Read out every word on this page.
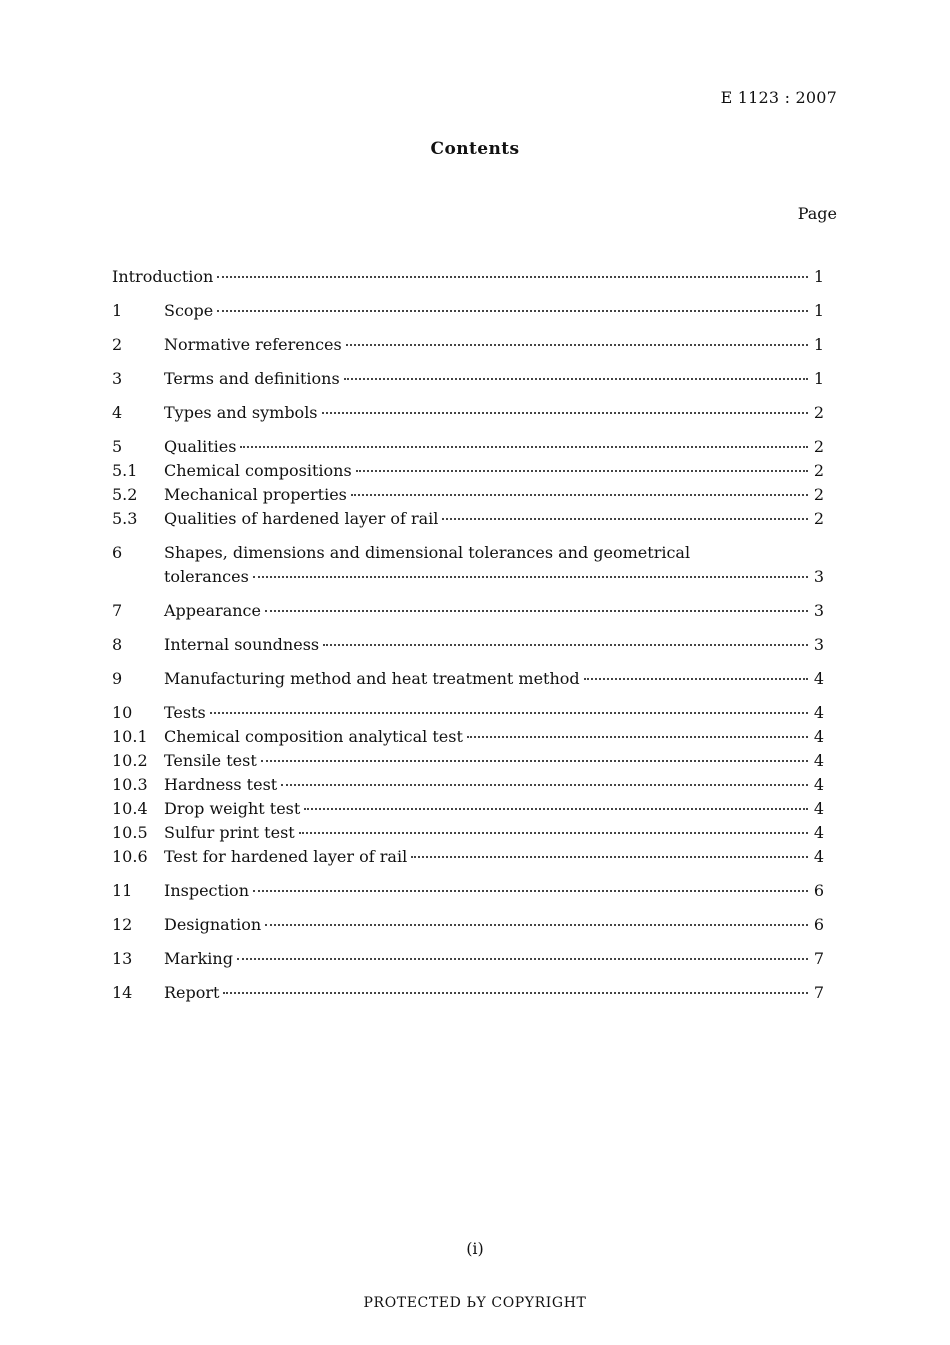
E 1123 : 2007
Contents
Page
Introduction	1
1	Scope	1
2	Normative references	1
3	Terms and definitions	1
4	Types and symbols	2
5	Qualities	2
5.1	Chemical compositions	2
5.2	Mechanical properties	2
5.3	Qualities of hardened layer of rail	2
6	Shapes, dimensions and dimensional tolerances and geometrical
tolerances	3
7	Appearance	3
8	Internal soundness	3
9	Manufacturing method and heat treatment method	4
10	Tests	4
10.1	Chemical composition analytical test	4
10.2	Tensile test	4
10.3	Hardness test	4
10.4	Drop weight test	4
10.5	Sulfur print test	4
10.6	Test for hardened layer of rail	4
11	Inspection	6
12	Designation	6
13	Marking	7
14	Report	7
(i)
PROTECTED ЬY COPYRIGHT
